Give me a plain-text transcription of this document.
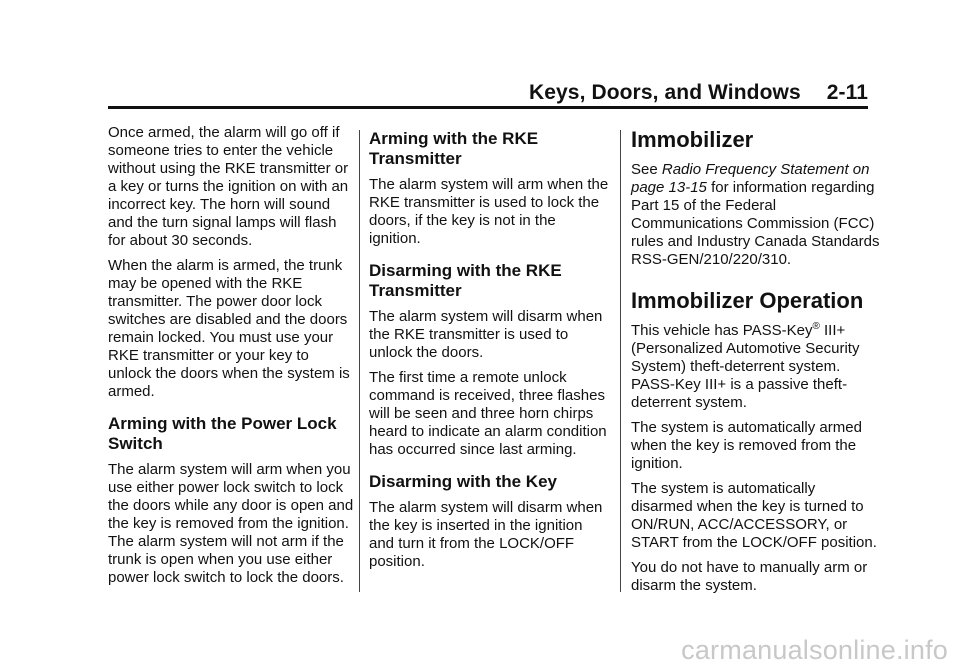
Keys, Doors, and Windows 2-11

Once armed, the alarm will go off if someone tries to enter the vehicle without using the RKE transmitter or a key or turns the ignition on with an incorrect key. The horn will sound and the turn signal lamps will flash for about 30 seconds.

When the alarm is armed, the trunk may be opened with the RKE transmitter. The power door lock switches are disabled and the doors remain locked. You must use your RKE transmitter or your key to unlock the doors when the system is armed.

Arming with the Power Lock Switch

The alarm system will arm when you use either power lock switch to lock the doors while any door is open and the key is removed from the ignition. The alarm system will not arm if the trunk is open when you use either power lock switch to lock the doors.

Arming with the RKE Transmitter

The alarm system will arm when the RKE transmitter is used to lock the doors, if the key is not in the ignition.

Disarming with the RKE Transmitter

The alarm system will disarm when the RKE transmitter is used to unlock the doors.

The first time a remote unlock command is received, three flashes will be seen and three horn chirps heard to indicate an alarm condition has occurred since last arming.

Disarming with the Key

The alarm system will disarm when the key is inserted in the ignition and turn it from the LOCK/OFF position.

Immobilizer

See Radio Frequency Statement on page 13-15 for information regarding Part 15 of the Federal Communications Commission (FCC) rules and Industry Canada Standards RSS-GEN/210/220/310.

Immobilizer Operation

This vehicle has PASS-Key® III+ (Personalized Automotive Security System) theft-deterrent system. PASS-Key III+ is a passive theft-deterrent system.

The system is automatically armed when the key is removed from the ignition.

The system is automatically disarmed when the key is turned to ON/RUN, ACC/ACCESSORY, or START from the LOCK/OFF position.

You do not have to manually arm or disarm the system.

carmanualsonline.info
